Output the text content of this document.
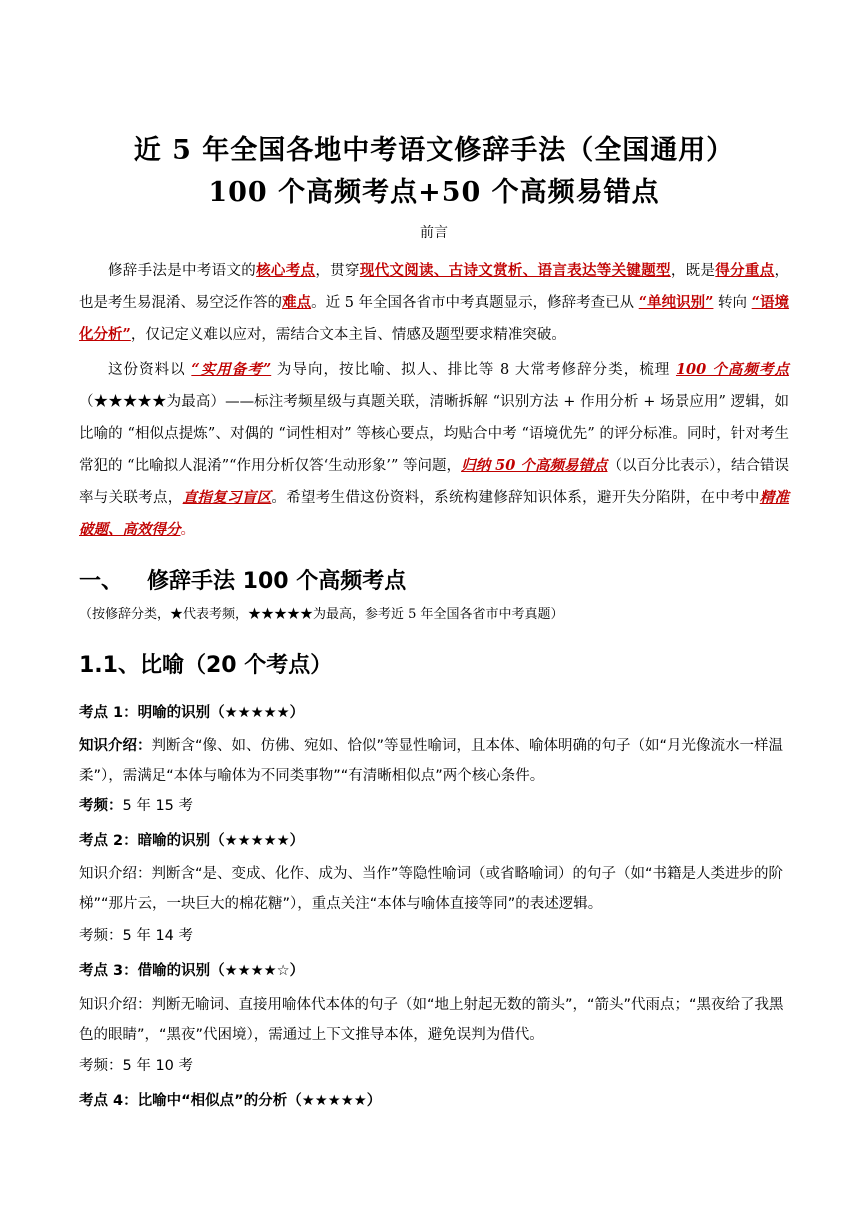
近 5 年全国各地中考语文修辞手法（全国通用）
100 个高频考点+50 个高频易错点

前言

修辞手法是中考语文的核心考点，贯穿现代文阅读、古诗文赏析、语言表达等关键题型，既是得分重点，也是考生易混淆、易空泛作答的难点。近 5 年全国各省市中考真题显示，修辞考查已从 “单纯识别” 转向 “语境化分析”，仅记定义难以应对，需结合文本主旨、情感及题型要求精准突破。

这份资料以 “实用备考” 为导向，按比喻、拟人、排比等 8 大常考修辞分类，梳理 100 个高频考点（★★★★★为最高）——标注考频星级与真题关联，清晰拆解 “识别方法 + 作用分析 + 场景应用” 逻辑，如比喻的 “相似点提炼”、对偶的 “词性相对” 等核心要点，均贴合中考 “语境优先” 的评分标准。同时，针对考生常犯的 “比喻拟人混淆”“作用分析仅答‘生动形象’” 等问题，归纳 50 个高频易错点（以百分比表示），结合错误率与关联考点，直指复习盲区。希望考生借这份资料，系统构建修辞知识体系，避开失分陷阱，在中考中精准破题、高效得分。

一、 修辞手法 100 个高频考点

（按修辞分类，★代表考频，★★★★★为最高，参考近 5 年全国各省市中考真题）

1.1、比喻（20 个考点）

考点 1：明喻的识别（★★★★★）

知识介绍：判断含“像、如、仿佛、宛如、恰似”等显性喻词，且本体、喻体明确的句子（如“月光像流水一样温柔”），需满足“本体与喻体为不同类事物”“有清晰相似点”两个核心条件。

考频：5 年 15 考

考点 2：暗喻的识别（★★★★★）

知识介绍：判断含“是、变成、化作、成为、当作”等隐性喻词（或省略喻词）的句子（如“书籍是人类进步的阶梯”“那片云，一块巨大的棉花糖”），重点关注“本体与喻体直接等同”的表述逻辑。

考频：5 年 14 考

考点 3：借喻的识别（★★★★☆）

知识介绍：判断无喻词、直接用喻体代本体的句子（如“地上射起无数的箭头”，“箭头”代雨点；“黑夜给了我黑色的眼睛”，“黑夜”代困境），需通过上下文推导本体，避免误判为借代。

考频：5 年 10 考

考点 4：比喻中“相似点”的分析（★★★★★）
